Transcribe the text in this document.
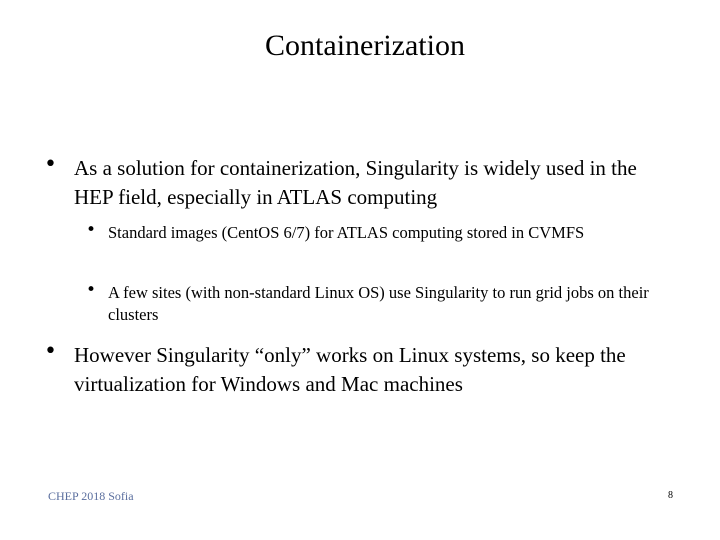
Containerization
• As a solution for containerization, Singularity is widely used in the HEP field, especially in ATLAS computing
• Standard images (CentOS 6/7) for ATLAS computing stored in CVMFS
• A few sites (with non-standard Linux OS) use Singularity to run grid jobs on their clusters
• However Singularity “only” works on Linux systems, so keep the virtualization for Windows and Mac machines
CHEP 2018 Sofia	8
